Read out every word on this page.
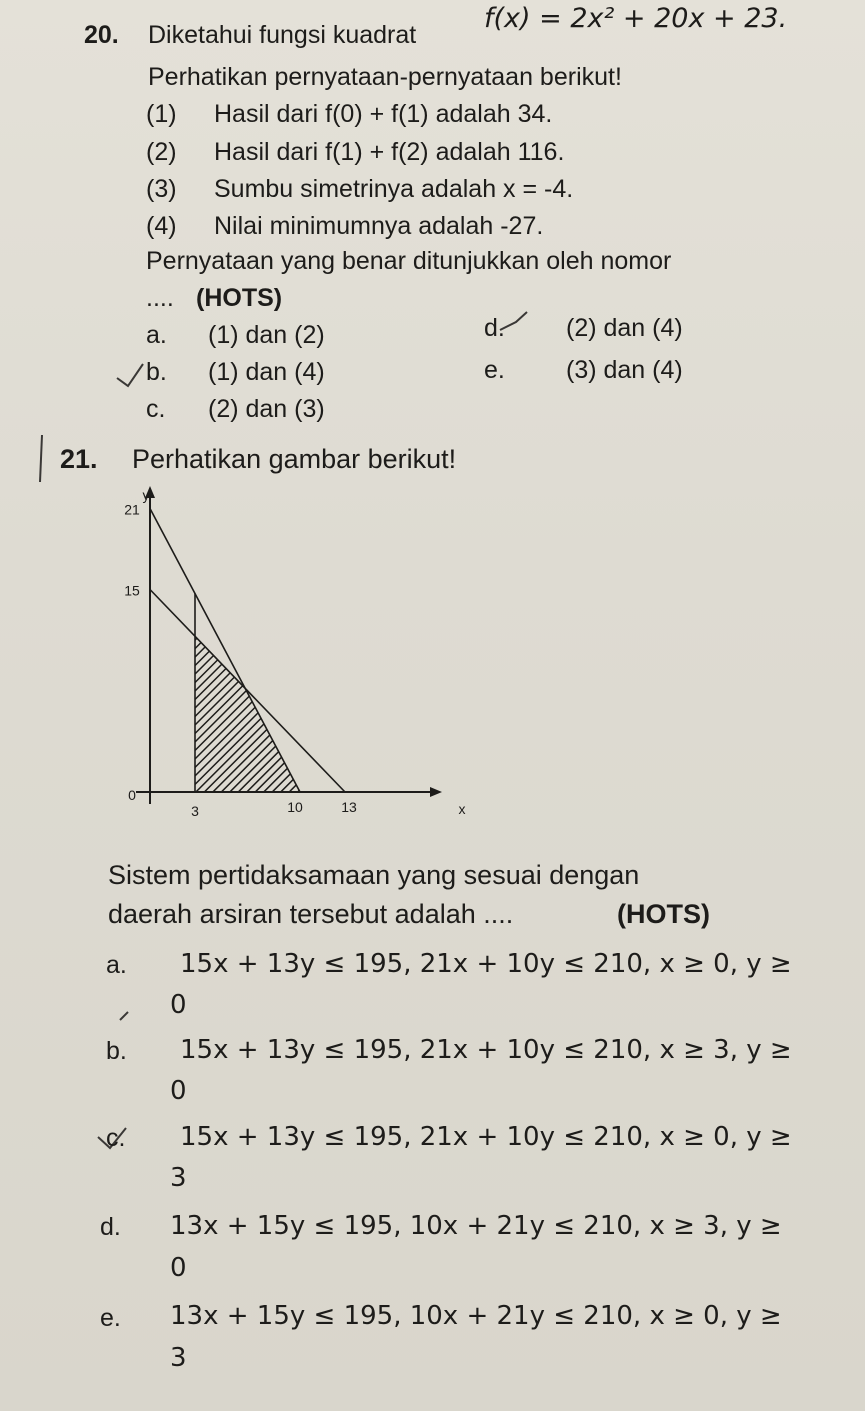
20. Diketahui fungsi kuadrat
f(x) = 2x² + 20x + 23.
Perhatikan pernyataan-pernyataan berikut!
(1) Hasil dari f(0) + f(1) adalah 34.
(2) Hasil dari f(1) + f(2) adalah 116.
(3) Sumbu simetrinya adalah x = -4.
(4) Nilai minimumnya adalah -27.
Pernyataan yang benar ditunjukkan oleh nomor
.... (HOTS)
a. (1) dan (2)
b. (1) dan (4)
c. (2) dan (3)
d. (2) dan (4)
e. (3) dan (4)
21. Perhatikan gambar berikut!
y
x
0
21
15
3	10	13
Sistem pertidaksamaan yang sesuai dengan
daerah arsiran tersebut adalah ....	(HOTS)
a. 15x + 13y ≤ 195, 21x + 10y ≤ 210, x ≥ 0, y ≥
0
b. 15x + 13y ≤ 195, 21x + 10y ≤ 210, x ≥ 3, y ≥
0
c. 15x + 13y ≤ 195, 21x + 10y ≤ 210, x ≥ 0, y ≥
3
d. 13x + 15y ≤ 195, 10x + 21y ≤ 210, x ≥ 3, y ≥
0
e. 13x + 15y ≤ 195, 10x + 21y ≤ 210, x ≥ 0, y ≥
3
